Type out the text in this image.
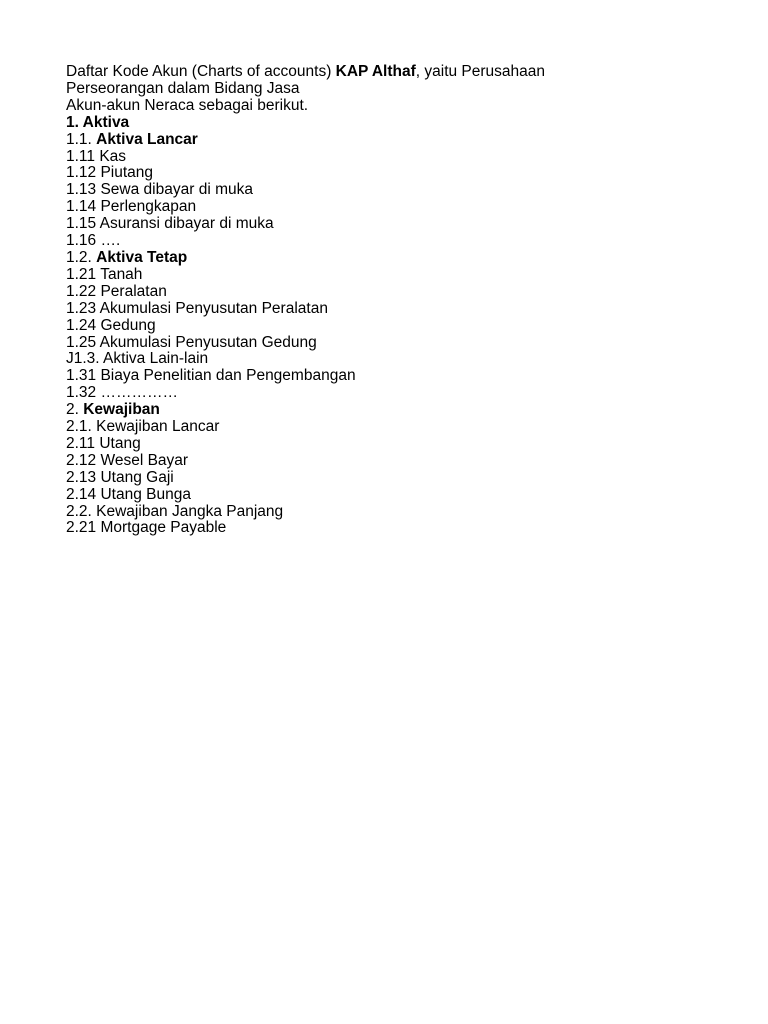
Daftar Kode Akun (Charts of accounts) KAP Althaf, yaitu Perusahaan

Perseorangan dalam Bidang Jasa

Akun-akun Neraca sebagai berikut.

1. Aktiva

1.1. Aktiva Lancar

1.11 Kas

1.12 Piutang

1.13 Sewa dibayar di muka

1.14 Perlengkapan

1.15 Asuransi dibayar di muka

1.16 ….

1.2. Aktiva Tetap

1.21 Tanah

1.22 Peralatan

1.23 Akumulasi Penyusutan Peralatan

1.24 Gedung

1.25 Akumulasi Penyusutan Gedung

J1.3. Aktiva Lain-lain

1.31 Biaya Penelitian dan Pengembangan

1.32 ……………

2. Kewajiban

2.1. Kewajiban Lancar

2.11 Utang

2.12 Wesel Bayar

2.13 Utang Gaji

2.14 Utang Bunga

2.2. Kewajiban Jangka Panjang

2.21 Mortgage Payable
